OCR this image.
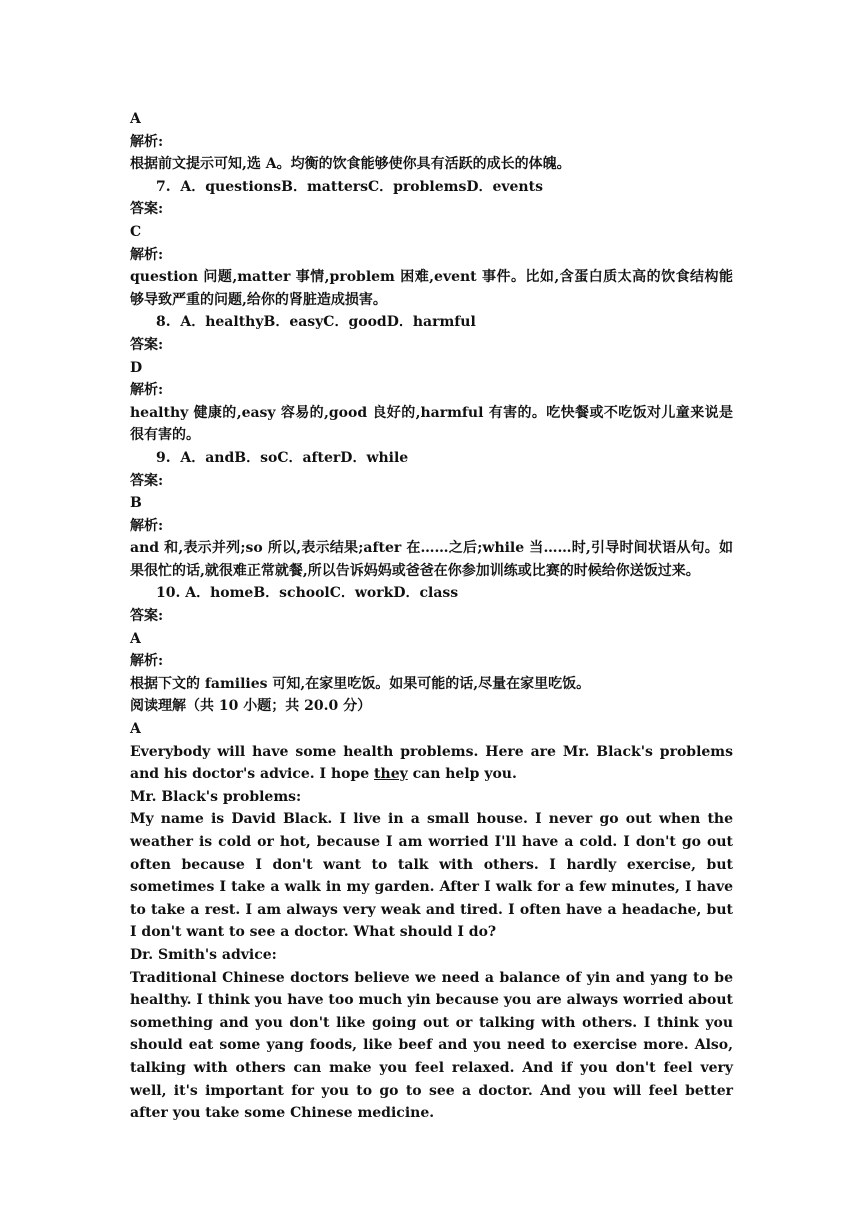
A

解析:

根据前文提示可知,选 A。均衡的饮食能够使你具有活跃的成长的体魄。

7.  A．questionsB．mattersC．problemsD．events

答案:

C

解析:

question 问题,matter 事情,problem 困难,event 事件。比如,含蛋白质太高的饮食结构能够导致严重的问题,给你的肾脏造成损害。

8.  A．healthyB．easyC．goodD．harmful

答案:

D

解析:

healthy 健康的,easy 容易的,good 良好的,harmful 有害的。吃快餐或不吃饭对儿童来说是很有害的。

9.  A．andB．soC．afterD．while

答案:

B

解析:

and 和,表示并列;so 所以,表示结果;after 在……之后;while 当……时,引导时间状语从句。如果很忙的话,就很难正常就餐,所以告诉妈妈或爸爸在你参加训练或比赛的时候给你送饭过来。

10. A．homeB．schoolC．workD．class

答案:

A

解析:

根据下文的 families 可知,在家里吃饭。如果可能的话,尽量在家里吃饭。

阅读理解（共 10 小题；共 20.0 分）

A

Everybody will have some health problems. Here are Mr. Black's problems and his doctor's advice. I hope they can help you.

Mr. Black's problems:

My name is David Black. I live in a small house. I never go out when the weather is cold or hot, because I am worried I'll have a cold. I don't go out often because I don't want to talk with others. I hardly exercise, but sometimes I take a walk in my garden. After I walk for a few minutes, I have to take a rest. I am always very weak and tired. I often have a headache, but I don't want to see a doctor. What should I do?

Dr. Smith's advice:

Traditional Chinese doctors believe we need a balance of yin and yang to be healthy. I think you have too much yin because you are always worried about something and you don't like going out or talking with others. I think you should eat some yang foods, like beef and you need to exercise more. Also, talking with others can make you feel relaxed. And if you don't feel very well, it's important for you to go to see a doctor. And you will feel better after you take some Chinese medicine.
